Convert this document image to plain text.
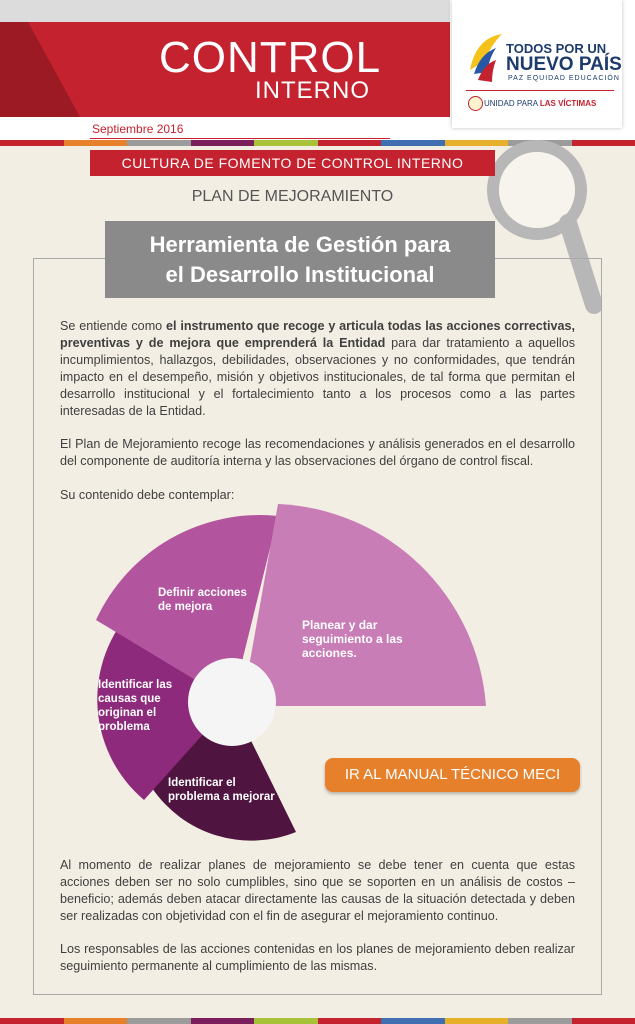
CONTROL
INTERNO
Septiembre 2016
TODOS POR UN
NUEVO PAÍS
PAZ EQUIDAD EDUCACIÓN
UNIDAD PARA LAS VÍCTIMAS
CULTURA DE FOMENTO DE CONTROL INTERNO
PLAN DE MEJORAMIENTO
Herramienta de Gestión para
el Desarrollo Institucional
Se entiende como el instrumento que recoge y articula todas las acciones correctivas, preventivas y de mejora que emprenderá la Entidad para dar tratamiento a aquellos incumplimientos, hallazgos, debilidades, observaciones y no conformidades, que tendrán impacto en el desempeño, misión y objetivos institucionales, de tal forma que permitan el desarrollo institucional y el fortalecimiento tanto a los procesos como a las partes interesadas de la Entidad.
El Plan de Mejoramiento recoge las recomendaciones y análisis generados en el desarrollo del componente de auditoría interna y las observaciones del órgano de control fiscal.
Su contenido debe contemplar:
Definir acciones
de mejora
Planear y dar
seguimiento a las
acciones.
Identificar las
causas que
originan el
problema
Identificar el
problema a mejorar
IR AL MANUAL TÉCNICO MECI
Al momento de realizar planes de mejoramiento se debe tener en cuenta que estas acciones deben ser no solo cumplibles, sino que se soporten en un análisis de costos – beneficio; además deben atacar directamente las causas de la situación detectada y deben ser realizadas con objetividad con el fin de asegurar el mejoramiento continuo.
Los responsables de las acciones contenidas en los planes de mejoramiento deben realizar seguimiento permanente al cumplimiento de las mismas.
